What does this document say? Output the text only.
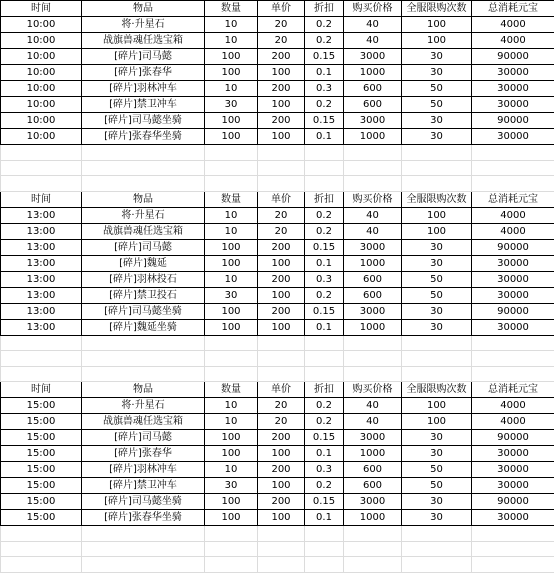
时间	物品	数量	单价	折扣	购买价格	全服限购次数	总消耗元宝
10:00	将·升星石	10	20	0.2	40	100	4000
10:00	战旗兽魂任选宝箱	10	20	0.2	40	100	4000
10:00	[碎片]司马懿	100	200	0.15	3000	30	90000
10:00	[碎片]张春华	100	100	0.1	1000	30	30000
10:00	[碎片]羽林冲车	10	200	0.3	600	50	30000
10:00	[碎片]禁卫冲车	30	100	0.2	600	50	30000
10:00	[碎片]司马懿坐骑	100	200	0.15	3000	30	90000
10:00	[碎片]张春华坐骑	100	100	0.1	1000	30	30000

时间	物品	数量	单价	折扣	购买价格	全服限购次数	总消耗元宝
13:00	将·升星石	10	20	0.2	40	100	4000
13:00	战旗兽魂任选宝箱	10	20	0.2	40	100	4000
13:00	[碎片]司马懿	100	200	0.15	3000	30	90000
13:00	[碎片]魏延	100	100	0.1	1000	30	30000
13:00	[碎片]羽林投石	10	200	0.3	600	50	30000
13:00	[碎片]禁卫投石	30	100	0.2	600	50	30000
13:00	[碎片]司马懿坐骑	100	200	0.15	3000	30	90000
13:00	[碎片]魏延坐骑	100	100	0.1	1000	30	30000

时间	物品	数量	单价	折扣	购买价格	全服限购次数	总消耗元宝
15:00	将·升星石	10	20	0.2	40	100	4000
15:00	战旗兽魂任选宝箱	10	20	0.2	40	100	4000
15:00	[碎片]司马懿	100	200	0.15	3000	30	90000
15:00	[碎片]张春华	100	100	0.1	1000	30	30000
15:00	[碎片]羽林冲车	10	200	0.3	600	50	30000
15:00	[碎片]禁卫冲车	30	100	0.2	600	50	30000
15:00	[碎片]司马懿坐骑	100	200	0.15	3000	30	90000
15:00	[碎片]张春华坐骑	100	100	0.1	1000	30	30000
